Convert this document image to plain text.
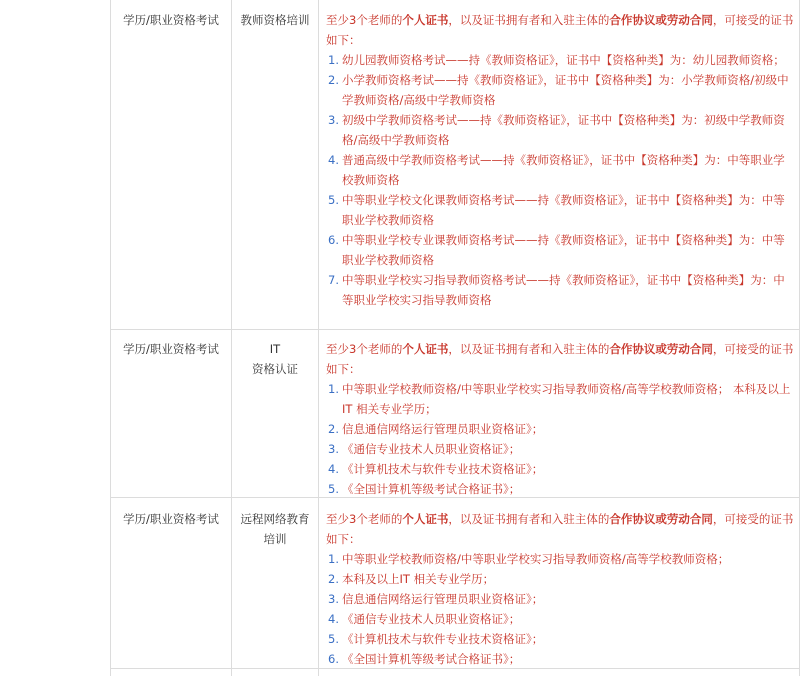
学历/职业资格考试	教师资格培训	至少3个老师的个人证书，以及证书拥有者和入驻主体的合作协议或劳动合同，可接受的证书如下：
1. 幼儿园教师资格考试——持《教师资格证》，证书中【资格种类】为：幼儿园教师资格；
2. 小学教师资格考试——持《教师资格证》，证书中【资格种类】为：小学教师资格/初级中学教师资格/高级中学教师资格
3. 初级中学教师资格考试——持《教师资格证》，证书中【资格种类】为：初级中学教师资格/高级中学教师资格
4. 普通高级中学教师资格考试——持《教师资格证》，证书中【资格种类】为：中等职业学校教师资格
5. 中等职业学校文化课教师资格考试——持《教师资格证》，证书中【资格种类】为：中等职业学校教师资格
6. 中等职业学校专业课教师资格考试——持《教师资格证》，证书中【资格种类】为：中等职业学校教师资格
7. 中等职业学校实习指导教师资格考试——持《教师资格证》，证书中【资格种类】为：中等职业学校实习指导教师资格
学历/职业资格考试	IT
资格认证
至少3个老师的个人证书，以及证书拥有者和入驻主体的合作协议或劳动合同，可接受的证书如下：
1. 中等职业学校教师资格/中等职业学校实习指导教师资格/高等学校教师资格； 本科及以上IT 相关专业学历；
2. 信息通信网络运行管理员职业资格证》；
3. 《通信专业技术人员职业资格证》；
4. 《计算机技术与软件专业技术资格证》；
5. 《全国计算机等级考试合格证书》；
学历/职业资格考试	远程网络教育
培训
至少3个老师的个人证书，以及证书拥有者和入驻主体的合作协议或劳动合同，可接受的证书如下：
1. 中等职业学校教师资格/中等职业学校实习指导教师资格/高等学校教师资格；
2. 本科及以上IT 相关专业学历；
3. 信息通信网络运行管理员职业资格证》；
4. 《通信专业技术人员职业资格证》；
5. 《计算机技术与软件专业技术资格证》；
6. 《全国计算机等级考试合格证书》；
